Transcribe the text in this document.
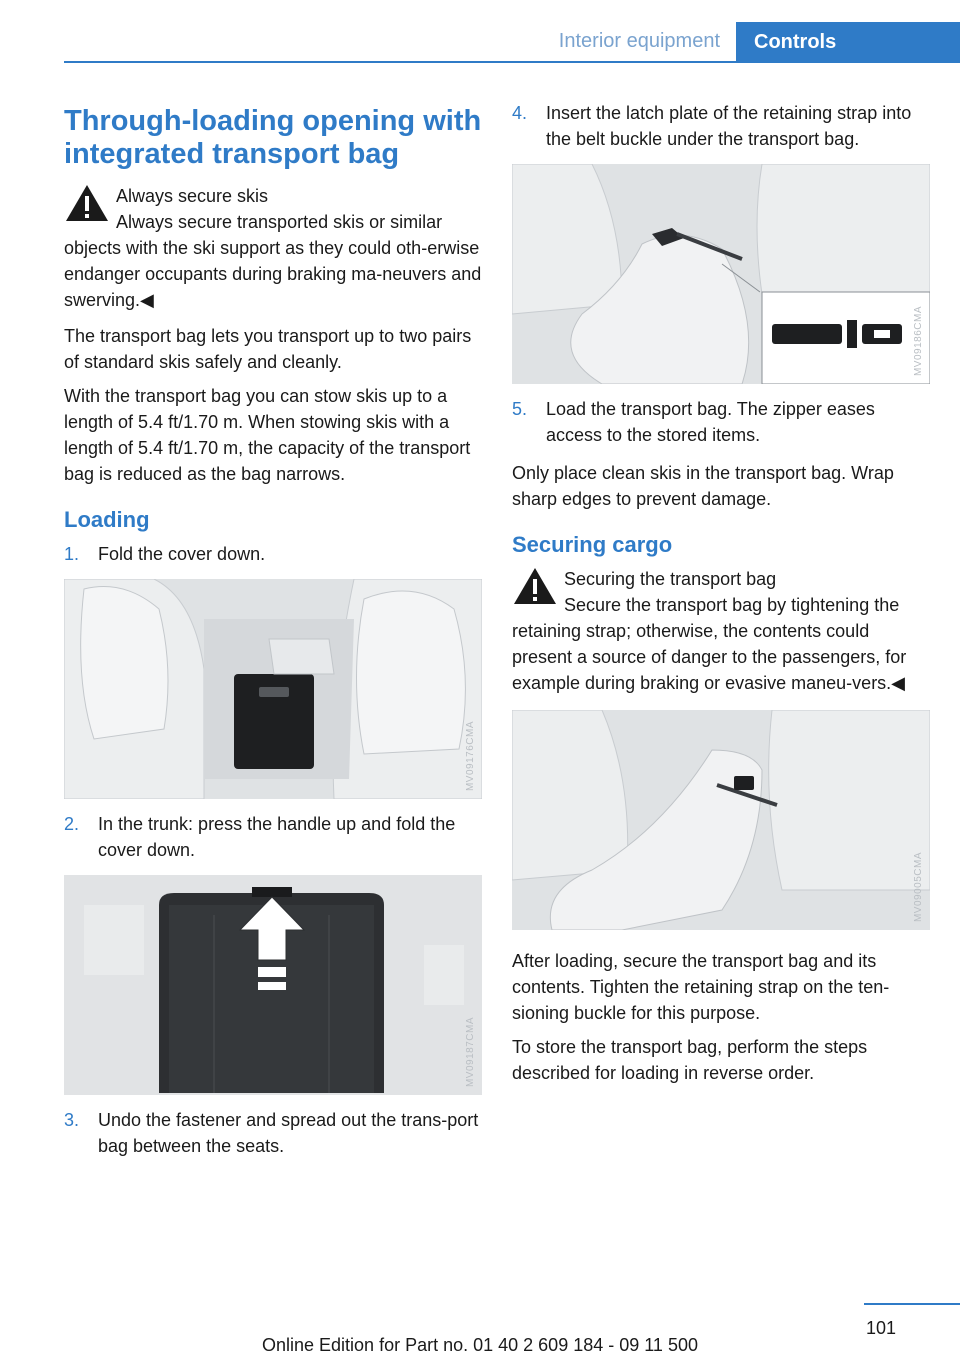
Interior equipment	Controls
Through-loading opening with integrated transport bag
Always secure skis
Always secure transported skis or similar
objects with the ski support as they could oth-erwise endanger occupants during braking ma-neuvers and swerving.◀

The transport bag lets you transport up to two pairs of standard skis safely and cleanly.

With the transport bag you can stow skis up to a length of 5.4 ft/1.70 m. When stowing skis with a length of 5.4 ft/1.70 m, the capacity of the transport bag is reduced as the bag narrows.

Loading
1.	Fold the cover down.
MV09176CMA
2.	In the trunk: press the handle up and fold the cover down.
MV09187CMA
3.	Undo the fastener and spread out the trans-port bag between the seats.
4.	Insert the latch plate of the retaining strap into the belt buckle under the transport bag.
MV09186CMA
5.	Load the transport bag. The zipper eases access to the stored items.

Only place clean skis in the transport bag. Wrap sharp edges to prevent damage.

Securing cargo
Securing the transport bag
Secure the transport bag by tightening the
retaining strap; otherwise, the contents could present a source of danger to the passengers, for example during braking or evasive maneu-vers.◀
MV09005CMA

After loading, secure the transport bag and its contents. Tighten the retaining strap on the ten-sioning buckle for this purpose.

To store the transport bag, perform the steps described for loading in reverse order.

101
Online Edition for Part no. 01 40 2 609 184 - 09 11 500
